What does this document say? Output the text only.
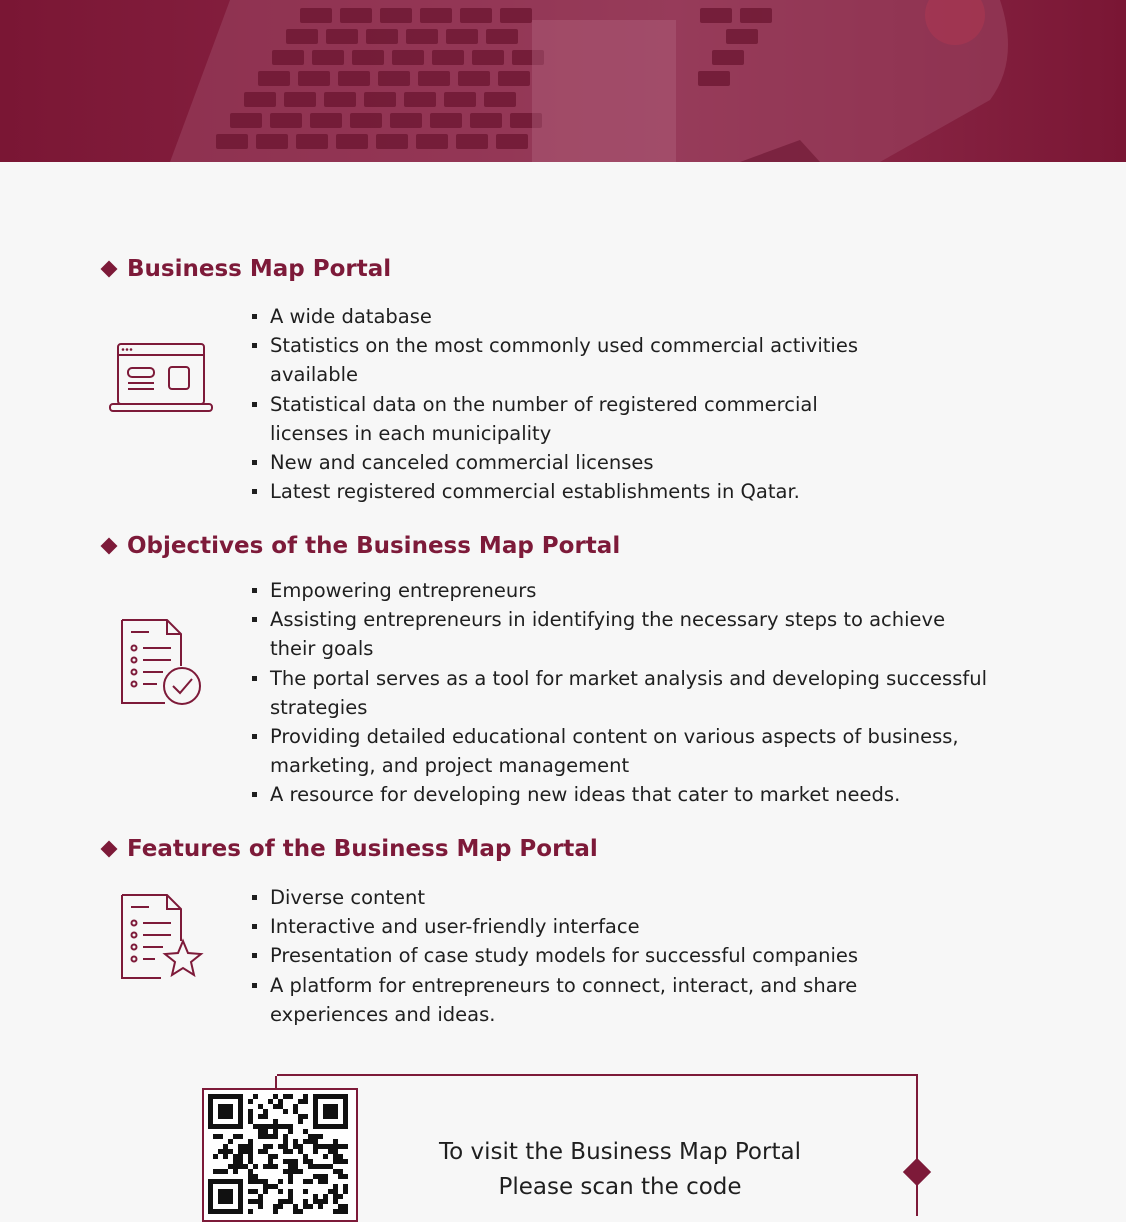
Business Map Portal
A wide database
Statistics on the most commonly used commercial activities available
Statistical data on the number of registered commercial licenses in each municipality
New and canceled commercial licenses
Latest registered commercial establishments in Qatar.
Objectives of the Business Map Portal
Empowering entrepreneurs
Assisting entrepreneurs in identifying the necessary steps to achieve their goals
The portal serves as a tool for market analysis and developing successful strategies
Providing detailed educational content on various aspects of business, marketing, and project management
A resource for developing new ideas that cater to market needs.
Features of the Business Map Portal
Diverse content
Interactive and user-friendly interface
Presentation of case study models for successful companies
A platform for entrepreneurs to connect, interact, and share experiences and ideas.
To visit the Business Map Portal
Please scan the code
